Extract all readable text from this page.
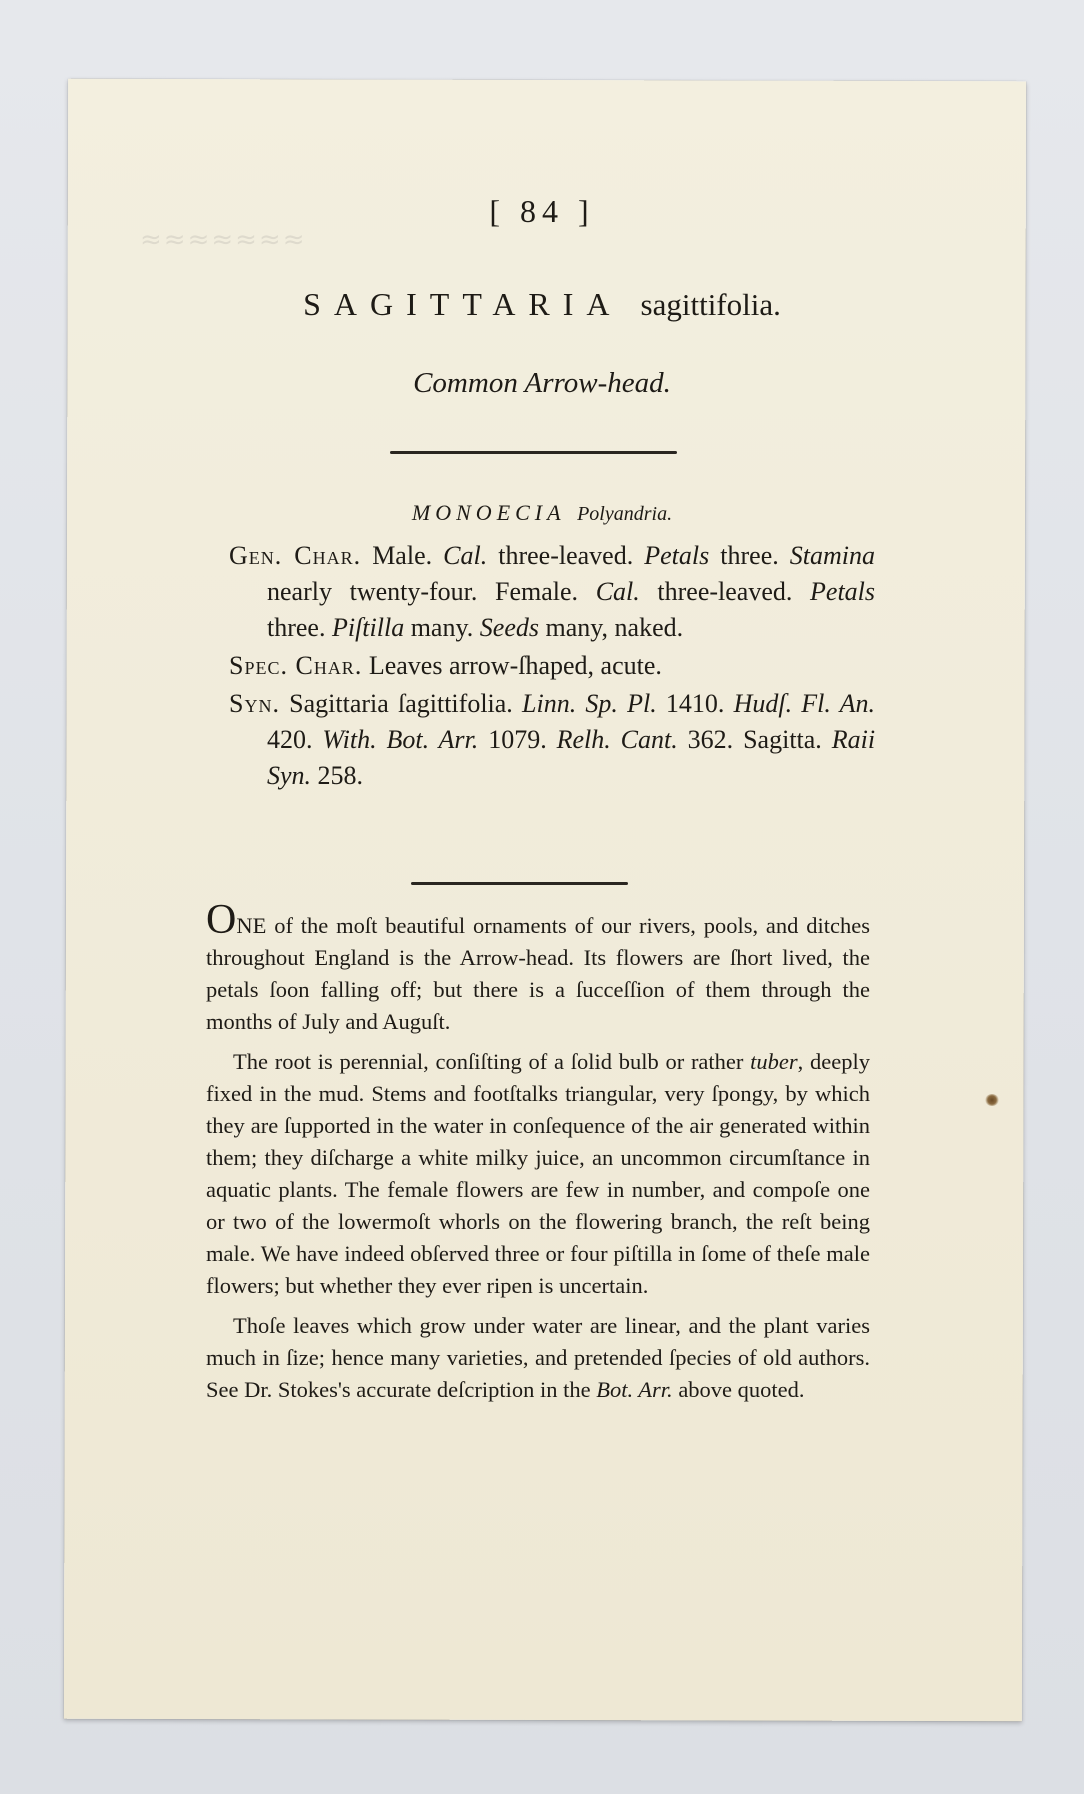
≈≈≈≈≈≈≈
[ 84 ]
SAGITTARIA sagittifolia.
Common Arrow-head.
MONOECIA Polyandria.

Gen. Char. Male. Cal. three-leaved. Petals three. Stamina nearly twenty-four. Female. Cal. three-leaved. Petals three. Piſtilla many. Seeds many, naked.

Spec. Char. Leaves arrow-ſhaped, acute.

Syn. Sagittaria ſagittifolia. Linn. Sp. Pl. 1410. Hudſ. Fl. An. 420. With. Bot. Arr. 1079. Relh. Cant. 362. Sagitta. Raii Syn. 258.

ONE of the moſt beautiful ornaments of our rivers, pools, and ditches throughout England is the Arrow-head. Its flowers are ſhort lived, the petals ſoon falling off; but there is a ſucceſſion of them through the months of July and Auguſt.

The root is perennial, conſiſting of a ſolid bulb or rather tuber, deeply fixed in the mud. Stems and footſtalks triangular, very ſpongy, by which they are ſupported in the water in conſequence of the air generated within them; they diſcharge a white milky juice, an uncommon circumſtance in aquatic plants. The female flowers are few in number, and compoſe one or two of the lowermoſt whorls on the flowering branch, the reſt being male. We have indeed obſerved three or four piſtilla in ſome of theſe male flowers; but whether they ever ripen is uncertain.

Thoſe leaves which grow under water are linear, and the plant varies much in ſize; hence many varieties, and pretended ſpecies of old authors. See Dr. Stokes's accurate deſcription in the Bot. Arr. above quoted.
